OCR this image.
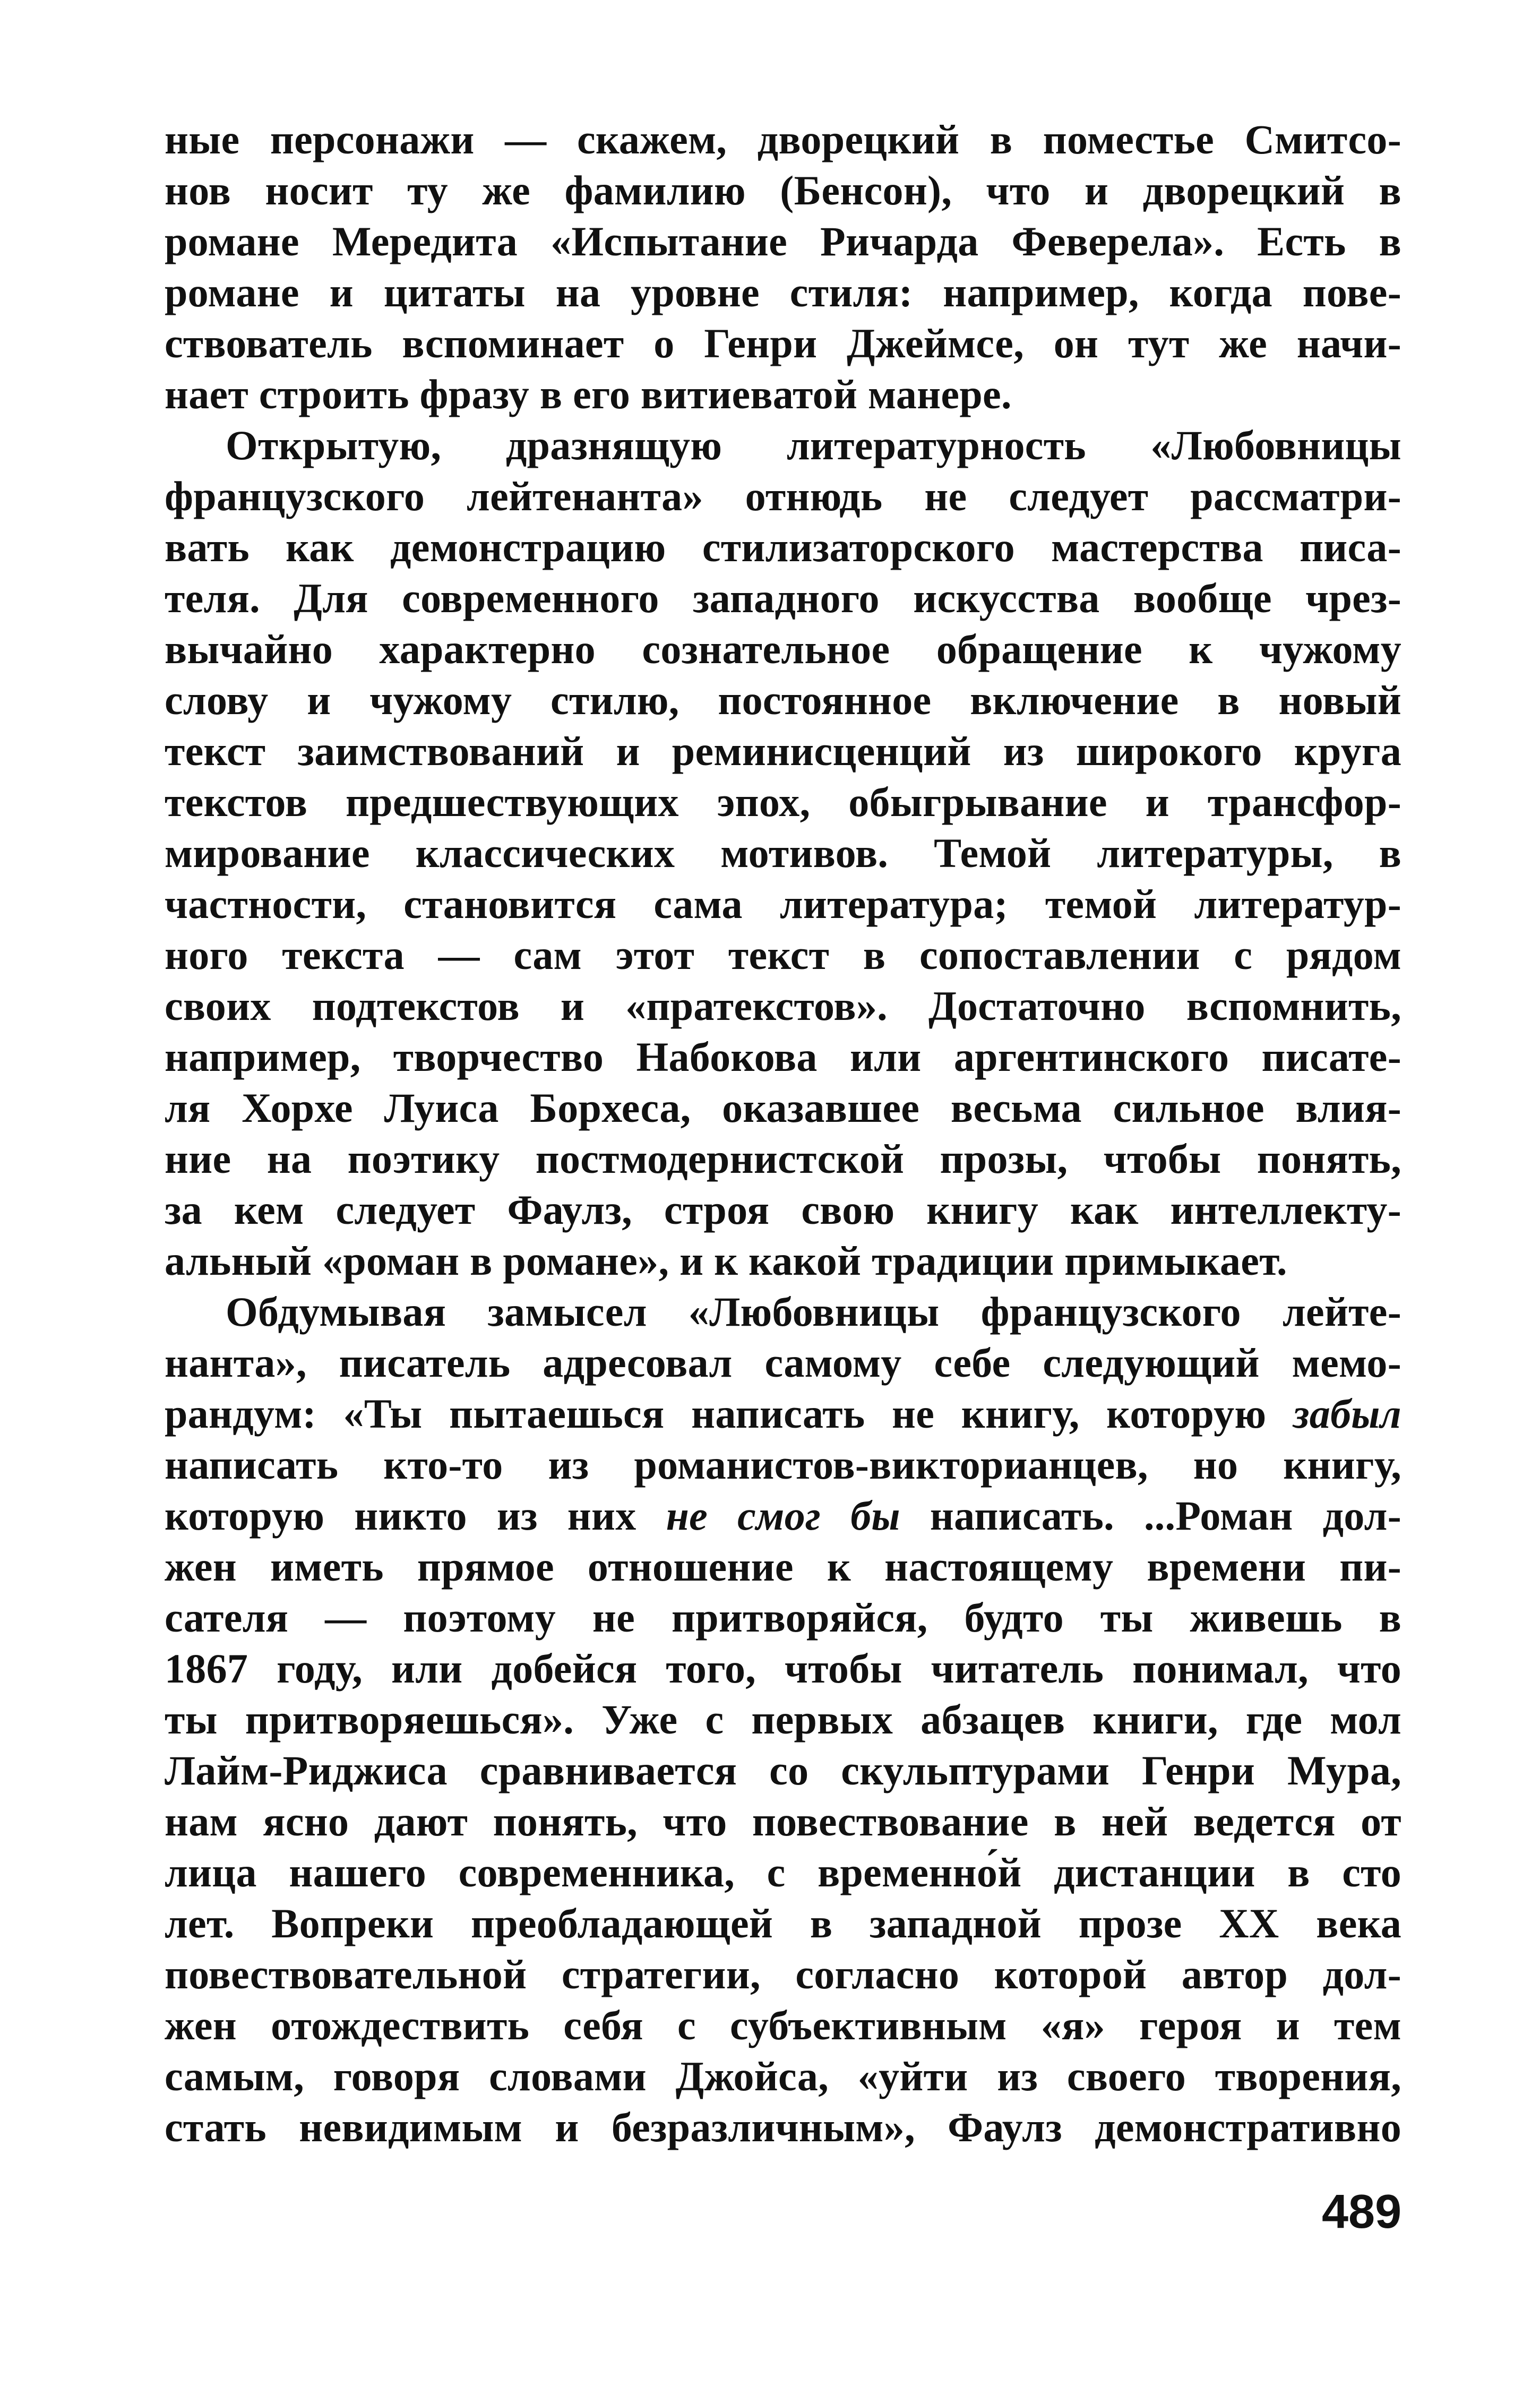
ные персонажи — скажем, дворецкий в поместье Смитсо-
нов носит ту же фамилию (Бенсон), что и дворецкий в
романе Мередита «Испытание Ричарда Феверела». Есть в
романе и цитаты на уровне стиля: например, когда пове-
ствователь вспоминает о Генри Джеймсе, он тут же начи-
нает строить фразу в его витиеватой манере.
Открытую, дразнящую литературность «Любовницы
французского лейтенанта» отнюдь не следует рассматри-
вать как демонстрацию стилизаторского мастерства писа-
теля. Для современного западного искусства вообще чрез-
вычайно характерно сознательное обращение к чужому
слову и чужому стилю, постоянное включение в новый
текст заимствований и реминисценций из широкого круга
текстов предшествующих эпох, обыгрывание и трансфор-
мирование классических мотивов. Темой литературы, в
частности, становится сама литература; темой литератур-
ного текста — сам этот текст в сопоставлении с рядом
своих подтекстов и «пратекстов». Достаточно вспомнить,
например, творчество Набокова или аргентинского писате-
ля Хорхе Луиса Борхеса, оказавшее весьма сильное влия-
ние на поэтику постмодернистской прозы, чтобы понять,
за кем следует Фаулз, строя свою книгу как интеллекту-
альный «роман в романе», и к какой традиции примыкает.
Обдумывая замысел «Любовницы французского лейте-
нанта», писатель адресовал самому себе следующий мемо-
рандум: «Ты пытаешься написать не книгу, которую забыл
написать кто-то из романистов-викторианцев, но книгу,
которую никто из них не смог бы написать. ...Роман дол-
жен иметь прямое отношение к настоящему времени пи-
сателя — поэтому не притворяйся, будто ты живешь в
1867 году, или добейся того, чтобы читатель понимал, что
ты притворяешься». Уже с первых абзацев книги, где мол
Лайм-Риджиса сравнивается со скульптурами Генри Мура,
нам ясно дают понять, что повествование в ней ведется от
лица нашего современника, с временно́й дистанции в сто
лет. Вопреки преобладающей в западной прозе XX века
повествовательной стратегии, согласно которой автор дол-
жен отождествить себя с субъективным «я» героя и тем
самым, говоря словами Джойса, «уйти из своего творения,
стать невидимым и безразличным», Фаулз демонстративно
489
